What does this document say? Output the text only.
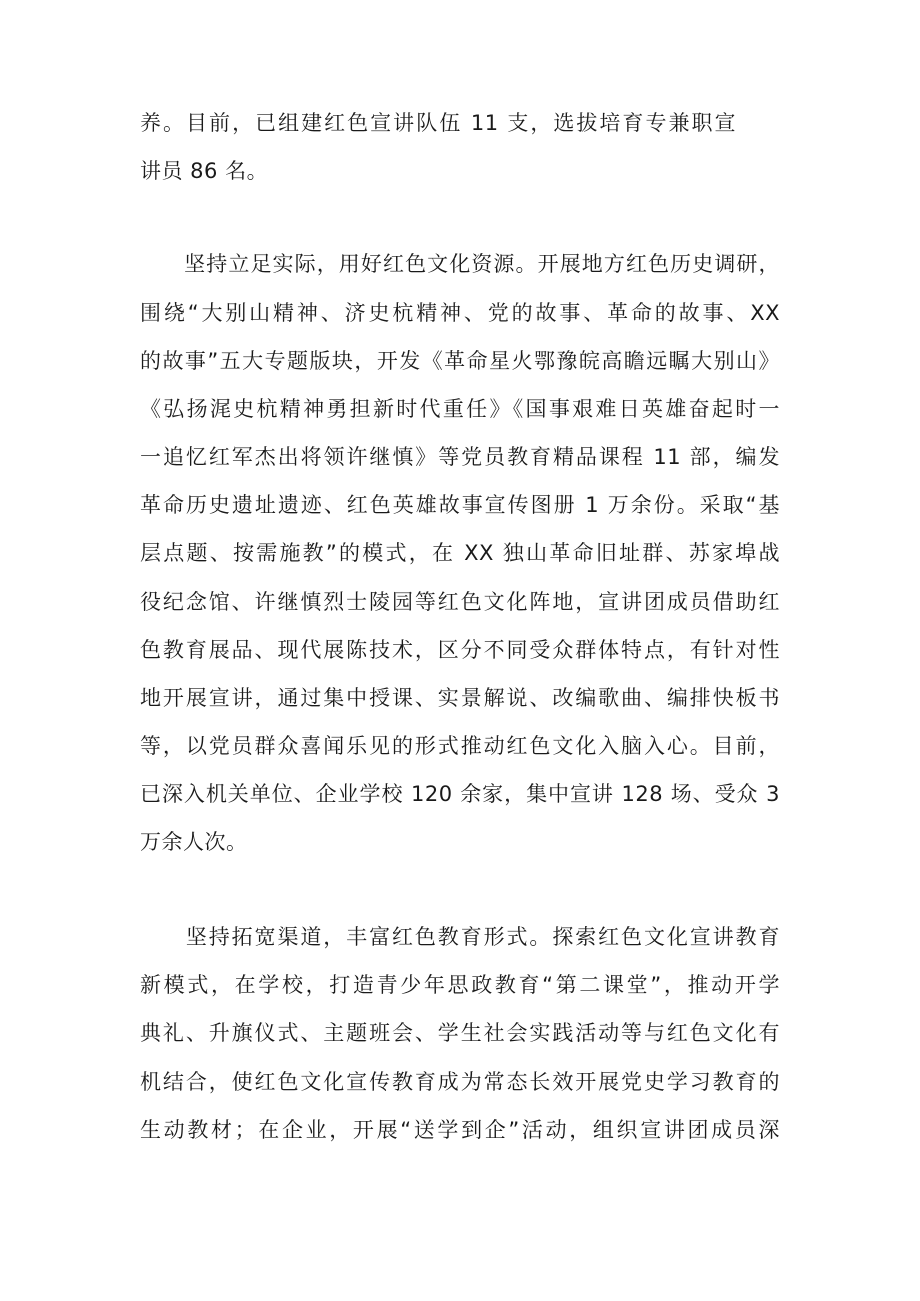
养。目前，已组建红色宣讲队伍 11 支，选拔培育专兼职宣
讲员 86 名。
　　坚持立足实际，用好红色文化资源。开展地方红色历史调研，
围绕“大别山精神、济史杭精神、党的故事、革命的故事、XX
的故事”五大专题版块，开发《革命星火鄂豫皖高瞻远瞩大别山》
《弘扬浘史杭精神勇担新时代重任》《国事艰难日英雄奋起时一
一追忆红军杰出将领许继慎》等党员教育精品课程 11 部，编发
革命历史遗址遗迹、红色英雄故事宣传图册 1 万余份。采取“基
层点题、按需施教”的模式，在 XX 独山革命旧址群、苏家埠战
役纪念馆、许继慎烈士陵园等红色文化阵地，宣讲团成员借助红
色教育展品、现代展陈技术，区分不同受众群体特点，有针对性
地开展宣讲，通过集中授课、实景解说、改编歌曲、编排快板书
等，以党员群众喜闻乐见的形式推动红色文化入脑入心。目前，
已深入机关单位、企业学校 120 余家，集中宣讲 128 场、受众 3
万余人次。
　　坚持拓宽渠道，丰富红色教育形式。探索红色文化宣讲教育
新模式，在学校，打造青少年思政教育“第二课堂”，推动开学
典礼、升旗仪式、主题班会、学生社会实践活动等与红色文化有
机结合，使红色文化宣传教育成为常态长效开展党史学习教育的
生动教材；在企业，开展“送学到企”活动，组织宣讲团成员深
